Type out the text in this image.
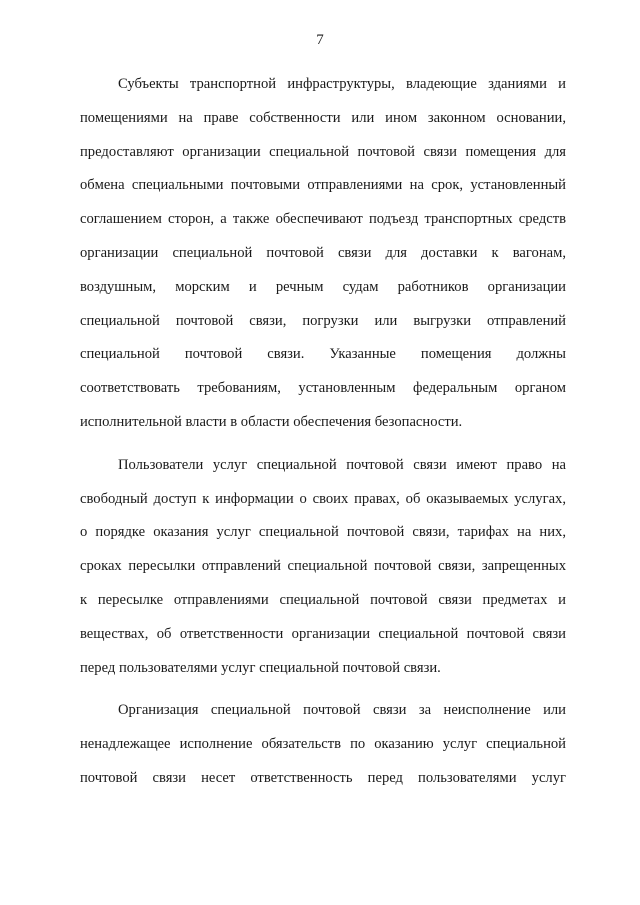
7
Субъекты транспортной инфраструктуры, владеющие зданиями и
помещениями на праве собственности или ином законном основании,
предоставляют организации специальной почтовой связи помещения для
обмена специальными почтовыми отправлениями на срок, установленный
соглашением сторон, а также обеспечивают подъезд транспортных средств
организации специальной почтовой связи для доставки к вагонам,
воздушным, морским и речным судам работников организации
специальной почтовой связи, погрузки или выгрузки отправлений
специальной почтовой связи. Указанные помещения должны
соответствовать требованиям, установленным федеральным органом
исполнительной власти в области обеспечения безопасности.
Пользователи услуг специальной почтовой связи имеют право на
свободный доступ к информации о своих правах, об оказываемых услугах,
о порядке оказания услуг специальной почтовой связи, тарифах на них,
сроках пересылки отправлений специальной почтовой связи, запрещенных
к пересылке отправлениями специальной почтовой связи предметах и
веществах, об ответственности организации специальной почтовой связи
перед пользователями услуг специальной почтовой связи.
Организация специальной почтовой связи за неисполнение или
ненадлежащее исполнение обязательств по оказанию услуг специальной
почтовой связи несет ответственность перед пользователями услуг
